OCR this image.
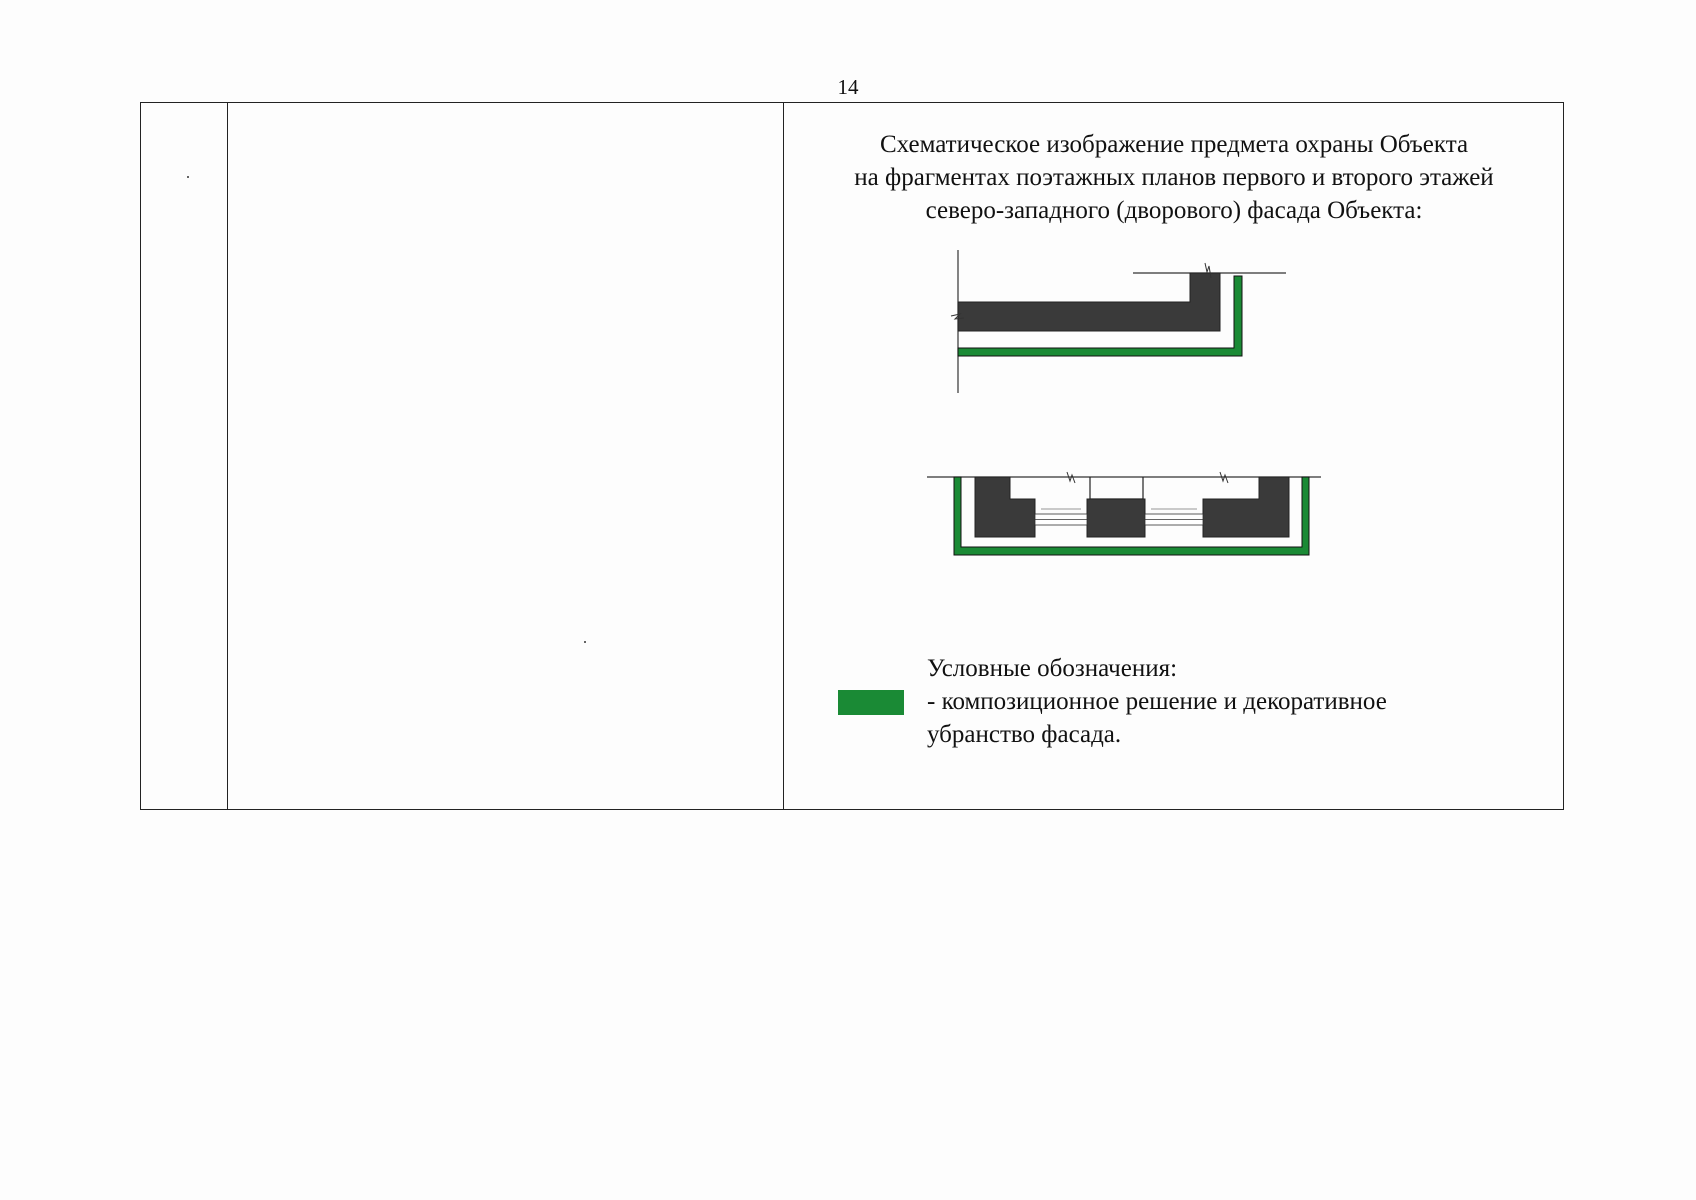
14
Схематическое изображение предмета охраны Объекта
на фрагментах поэтажных планов первого и второго этажей
северо-западного (дворового) фасада Объекта:
Условные обозначения:
- композиционное решение и декоративное
убранство фасада.
